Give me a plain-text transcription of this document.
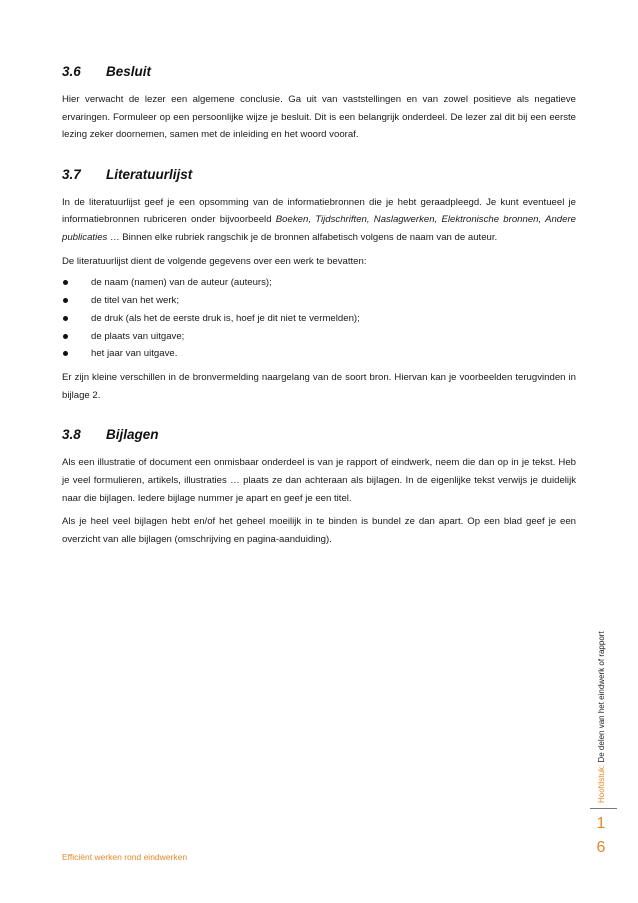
3.6	Besluit

Hier verwacht de lezer een algemene conclusie. Ga uit van vaststellingen en van zowel positieve als negatieve ervaringen. Formuleer op een persoonlijke wijze je besluit. Dit is een belangrijk onderdeel. De lezer zal dit bij een eerste lezing zeker doornemen, samen met de inleiding en het woord vooraf.

3.7	Literatuurlijst

In de literatuurlijst geef je een opsomming van de informatiebronnen die je hebt geraadpleegd. Je kunt eventueel je informatiebronnen rubriceren onder bijvoorbeeld Boeken, Tijdschriften, Naslagwerken, Elektronische bronnen, Andere publicaties … Binnen elke rubriek rangschik je de bronnen alfabetisch volgens de naam van de auteur.

De literatuurlijst dient de volgende gegevens over een werk te bevatten:

de naam (namen) van de auteur (auteurs);
de titel van het werk;
de druk (als het de eerste druk is, hoef je dit niet te vermelden);
de plaats van uitgave;
het jaar van uitgave.

Er zijn kleine verschillen in de bronvermelding naargelang van de soort bron. Hiervan kan je voorbeelden terugvinden in bijlage 2.

3.8	Bijlagen

Als een illustratie of document een onmisbaar onderdeel is van je rapport of eindwerk, neem die dan op in je tekst. Heb je veel formulieren, artikels, illustraties … plaats ze dan achteraan als bijlagen. In de eigenlijke tekst verwijs je duidelijk naar die bijlagen. Iedere bijlage nummer je apart en geef je een titel.

Als je heel veel bijlagen hebt en/of het geheel moeilijk in te binden is bundel ze dan apart. Op een blad geef je een overzicht van alle bijlagen (omschrijving en pagina-aanduiding).

Hoofdstuk: De delen van het eindwerk of rapport
1
6
Efficiënt werken rond eindwerken
